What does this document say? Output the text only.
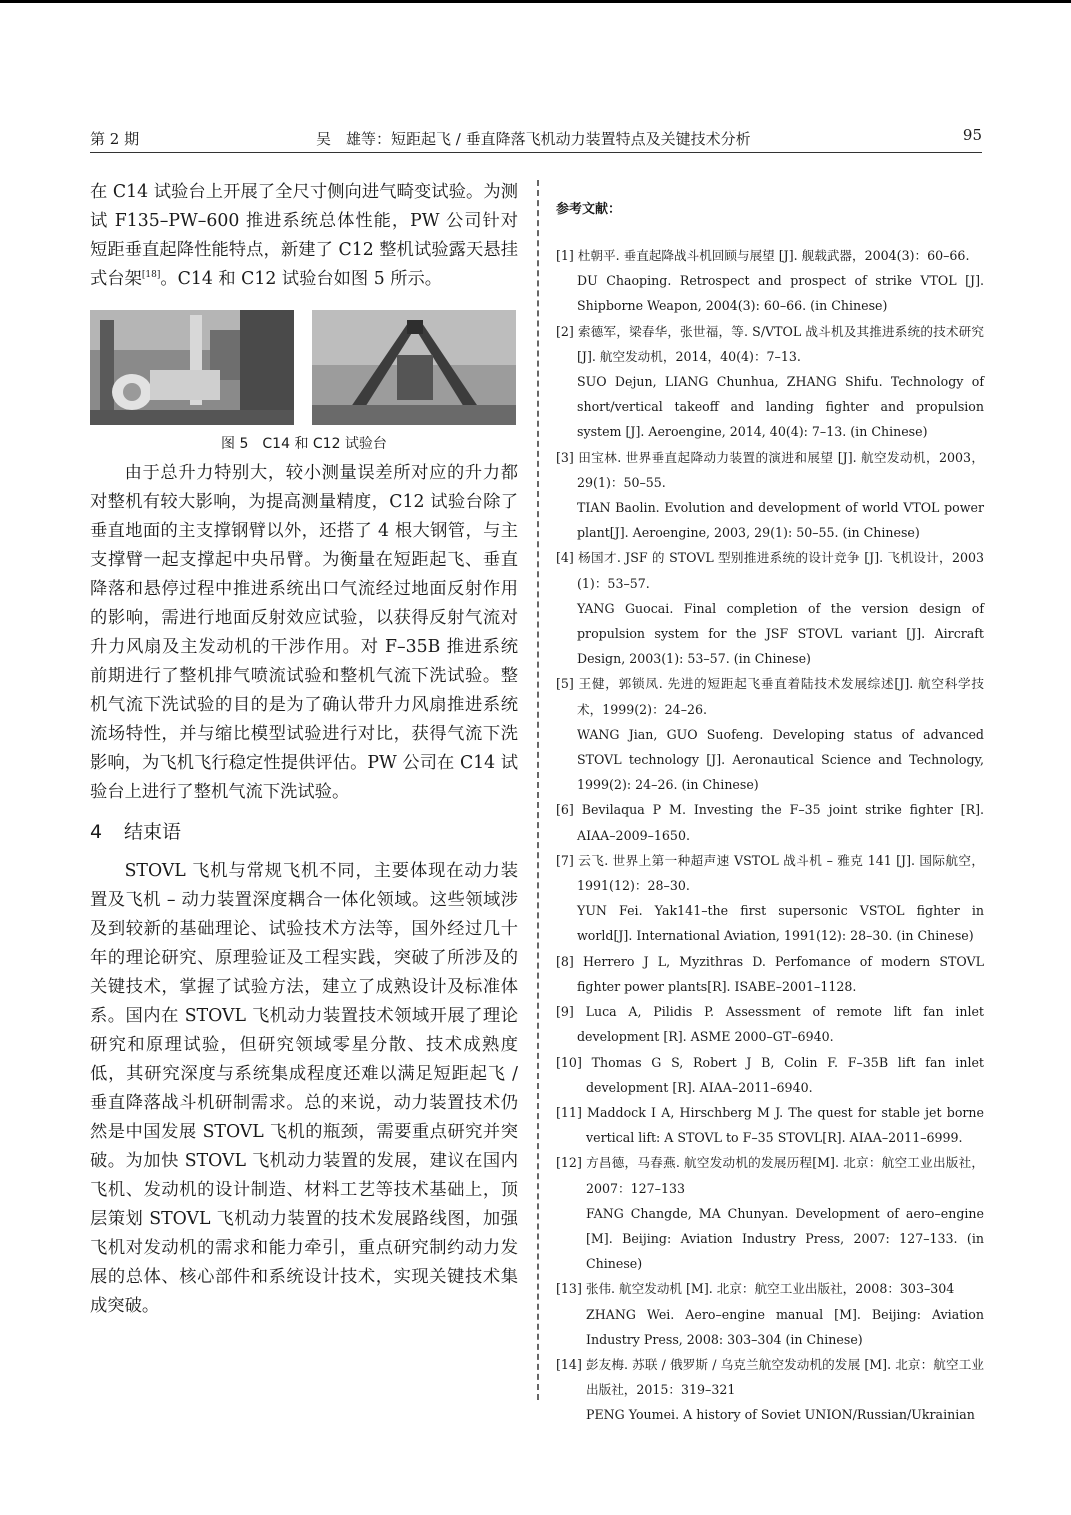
第 2 期	吴　雄等：短距起飞 / 垂直降落飞机动力装置特点及关键技术分析	95

在 C14 试验台上开展了全尺寸侧向进气畸变试验。为测试 F135–PW–600 推进系统总体性能，PW 公司针对短距垂直起降性能特点，新建了 C12 整机试验露天悬挂式台架[18]。C14 和 C12 试验台如图 5 所示。

图 5　C14 和 C12 试验台

由于总升力特别大，较小测量误差所对应的升力都对整机有较大影响，为提高测量精度，C12 试验台除了垂直地面的主支撑钢臂以外，还搭了 4 根大钢管，与主支撑臂一起支撑起中央吊臂。为衡量在短距起飞、垂直降落和悬停过程中推进系统出口气流经过地面反射作用的影响，需进行地面反射效应试验，以获得反射气流对升力风扇及主发动机的干涉作用。对 F–35B 推进系统前期进行了整机排气喷流试验和整机气流下洗试验。整机气流下洗试验的目的是为了确认带升力风扇推进系统流场特性，并与缩比模型试验进行对比，获得气流下洗影响，为飞机飞行稳定性提供评估。PW 公司在 C14 试验台上进行了整机气流下洗试验。

4 结束语

STOVL 飞机与常规飞机不同，主要体现在动力装置及飞机 – 动力装置深度耦合一体化领域。这些领域涉及到较新的基础理论、试验技术方法等，国外经过几十年的理论研究、原理验证及工程实践，突破了所涉及的关键技术，掌握了试验方法，建立了成熟设计及标准体系。国内在 STOVL 飞机动力装置技术领域开展了理论研究和原理试验，但研究领域零星分散、技术成熟度低，其研究深度与系统集成程度还难以满足短距起飞 / 垂直降落战斗机研制需求。总的来说，动力装置技术仍然是中国发展 STOVL 飞机的瓶颈，需要重点研究并突破。为加快 STOVL 飞机动力装置的发展，建议在国内飞机、发动机的设计制造、材料工艺等技术基础上，顶层策划 STOVL 飞机动力装置的技术发展路线图，加强飞机对发动机的需求和能力牵引，重点研究制约动力发展的总体、核心部件和系统设计技术，实现关键技术集成突破。

参考文献：

[1] 杜朝平. 垂直起降战斗机回顾与展望 [J]. 舰载武器，2004(3)：60–66.
DU Chaoping. Retrospect and prospect of strike VTOL [J]. Shipborne Weapon, 2004(3): 60–66. (in Chinese)

[2] 索德军，梁春华，张世福，等. S/VTOL 战斗机及其推进系统的技术研究[J]. 航空发动机，2014，40(4)：7–13.
SUO Dejun, LIANG Chunhua, ZHANG Shifu. Technology of short/vertical takeoff and landing fighter and propulsion system [J]. Aeroengine, 2014, 40(4): 7–13. (in Chinese)

[3] 田宝林. 世界垂直起降动力装置的演进和展望 [J]. 航空发动机，2003，29(1)：50–55.
TIAN Baolin. Evolution and development of world VTOL power plant[J]. Aeroengine, 2003, 29(1): 50–55. (in Chinese)

[4] 杨国才. JSF 的 STOVL 型别推进系统的设计竞争 [J]. 飞机设计，2003 (1)：53–57.
YANG Guocai. Final completion of the version design of propulsion system for the JSF STOVL variant [J]. Aircraft Design, 2003(1): 53–57. (in Chinese)

[5] 王健，郭锁凤. 先进的短距起飞垂直着陆技术发展综述[J]. 航空科学技术，1999(2)：24–26.
WANG Jian, GUO Suofeng. Developing status of advanced STOVL technology [J]. Aeronautical Science and Technology, 1999(2): 24–26. (in Chinese)

[6] Bevilaqua P M. Investing the F–35 joint strike fighter [R]. AIAA–2009–1650.

[7] 云飞. 世界上第一种超声速 VSTOL 战斗机 – 雅克 141 [J]. 国际航空，1991(12)：28–30.
YUN Fei. Yak141–the first supersonic VSTOL fighter in world[J]. International Aviation, 1991(12): 28–30. (in Chinese)

[8] Herrero J L, Myzithras D. Perfomance of modern STOVL fighter power plants[R]. ISABE–2001–1128.

[9] Luca A, Pilidis P. Assessment of remote lift fan inlet development [R]. ASME 2000–GT–6940.

[10] Thomas G S, Robert J B, Colin F. F–35B lift fan inlet development [R]. AIAA–2011–6940.

[11] Maddock I A, Hirschberg M J. The quest for stable jet borne vertical lift: A STOVL to F–35 STOVL[R]. AIAA–2011–6999.

[12] 方昌德，马春燕. 航空发动机的发展历程[M]. 北京：航空工业出版社，2007：127–133
FANG Changde, MA Chunyan. Development of aero–engine [M]. Beijing: Aviation Industry Press, 2007: 127–133. (in Chinese)

[13] 张伟. 航空发动机 [M]. 北京：航空工业出版社，2008：303–304
ZHANG Wei. Aero–engine manual [M]. Beijing: Aviation Industry Press, 2008: 303–304 (in Chinese)

[14] 彭友梅. 苏联 / 俄罗斯 / 乌克兰航空发动机的发展 [M]. 北京：航空工业出版社，2015：319–321
PENG Youmei. A history of Soviet UNION/Russian/Ukrainian
